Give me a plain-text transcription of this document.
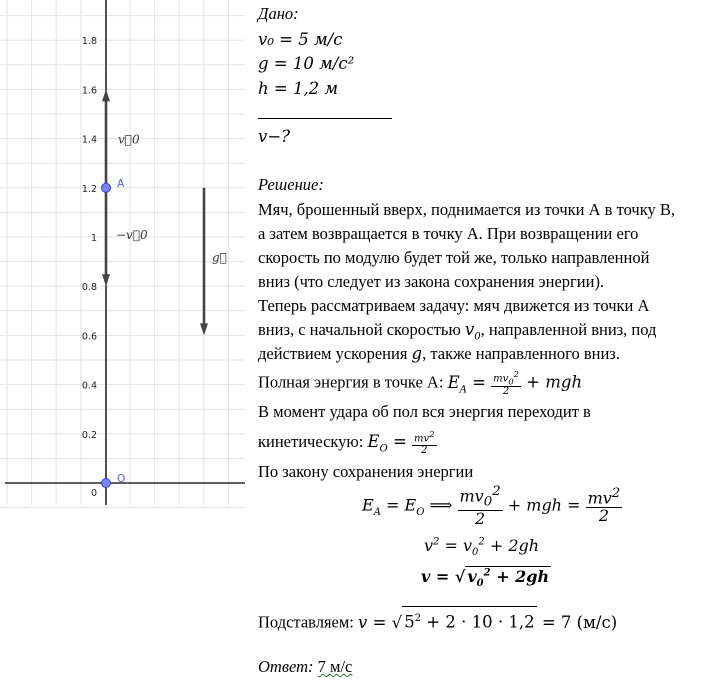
0
0.2
0.4
0.6
0.8
1
1.2
1.4
1.6
1.8
v⃗0
−v⃗0
g⃗
A
O
Дано:
v₀ = 5 м/с
g = 10 м/с²
h = 1,2 м
v−?
Решение:
Мяч, брошенный вверх, поднимается из точки А в точку В,
а затем возвращается в точку А. При возвращении его
скорость по модулю будет той же, только направленной
вниз (что следует из закона сохранения энергии).
Теперь рассматриваем задачу: мяч движется из точки А
вниз, с начальной скоростью $v_0$, направленной вниз, под
действием ускорения g, также направленного вниз.
Полная энергия в точке А: $E_A = \frac{mv_0^2}{2}$ + mgh
В момент удара об пол вся энергия переходит в
кинетическую: $E_O = \frac{mv^2}{2}$
По закону сохранения энергии
$E_A = E_O$ ⟹ $\frac{mv_0^2}{2}$ + mgh = $\frac{mv^2}{2}$
$v^2 = v_0^2 + 2gh$
v = √ $v_0^2 + 2gh$
Подставляем: v = √ $5^2 + 2 \cdot 10 \cdot 1,2 = 7$ (м/с)
Ответ: 7 м/с
